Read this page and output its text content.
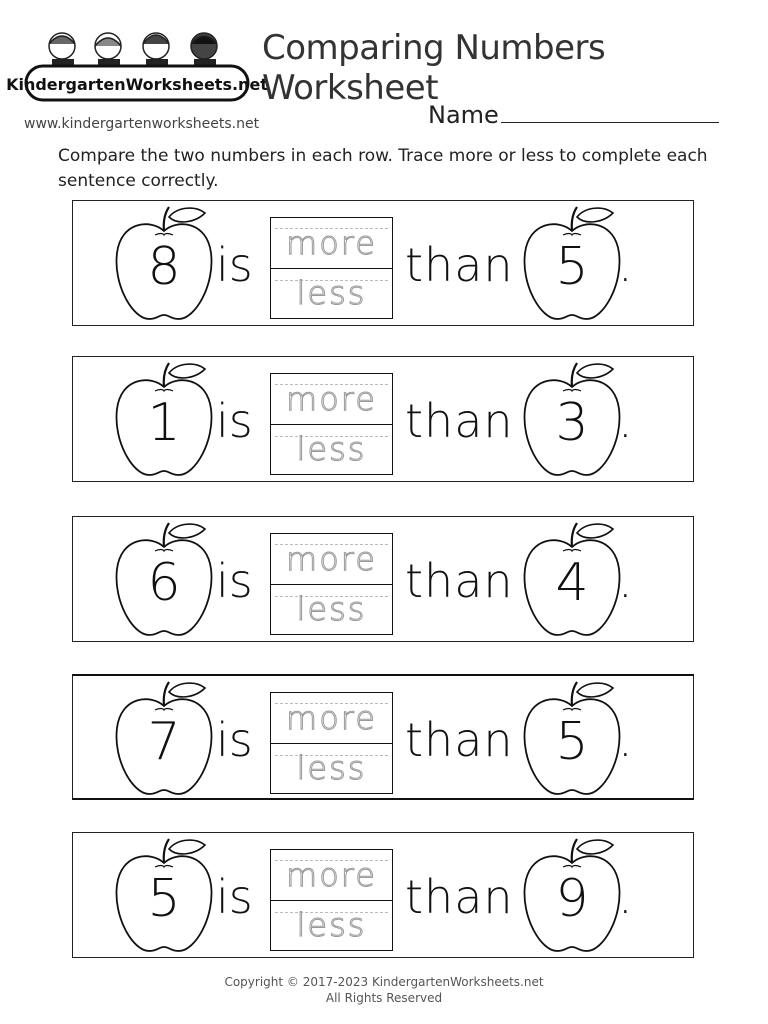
KindergartenWorksheets.net
www.kindergartenworksheets.net
Comparing Numbers Worksheet
Name

Compare the two numbers in each row. Trace more or less to complete each sentence correctly.

8 is	more
less
than 5 .
1 is	more
less
than 3 .
6 is	more
less
than 4 .
7 is	more
less
than 5 .
5 is	more
less
than 9 .
Copyright © 2017-2023 KindergartenWorksheets.net
All Rights Reserved
